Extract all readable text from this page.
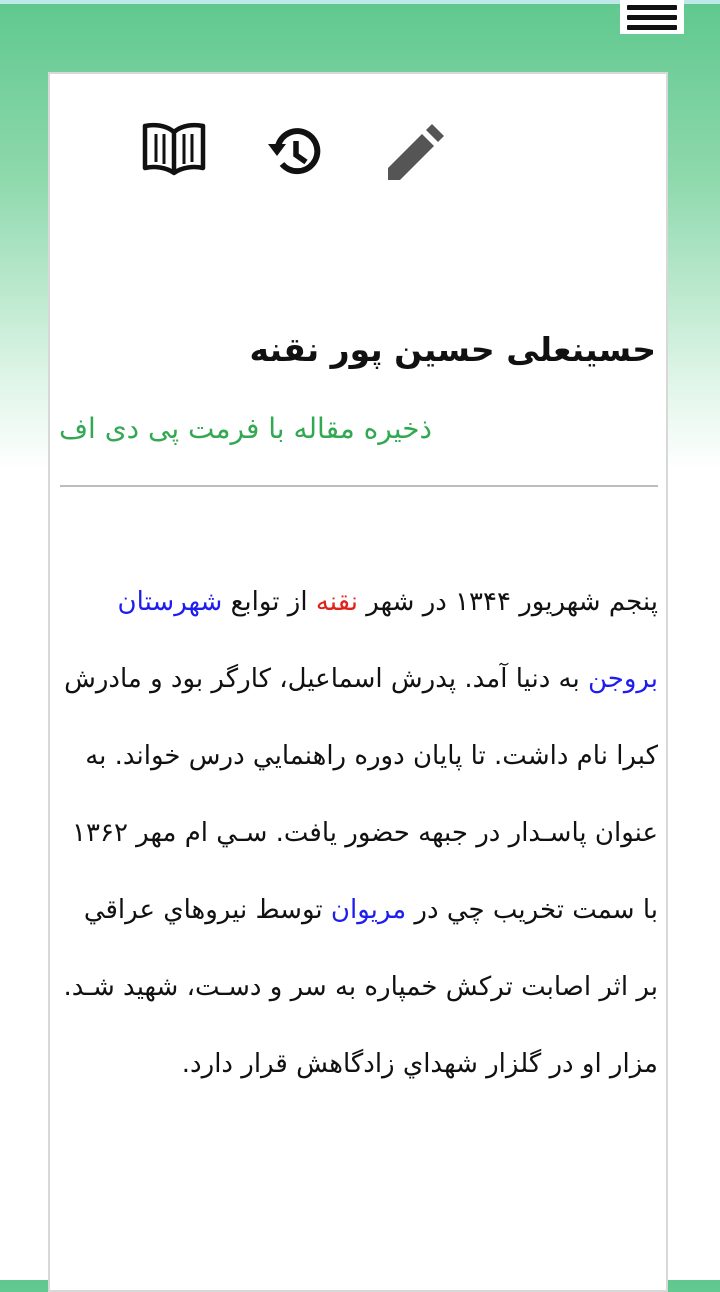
حسینعلی حسین پور نقنه
ذخیره مقاله با فرمت پی دی اف

پنجم شهريور ۱۳۴۴ در شهر نقنه از توابع شهرستان بروجن به دنيا آمد. پدرش اسماعيل، كارگر بود و مادرش كبرا نام داشت. تا پايان دوره راهنمايي درس خواند. به عنوان پاسـدار در جبهه حضور يافت. سـي ام مهر ۱۳۶۲ با سمت تخريب چي در مريوان توسط نيروهاي عراقي بر اثر اصابت تركش خمپاره به سر و دسـت، شهيد شـد. مزار او در گلزار شهداي زادگاهش قرار دارد.
